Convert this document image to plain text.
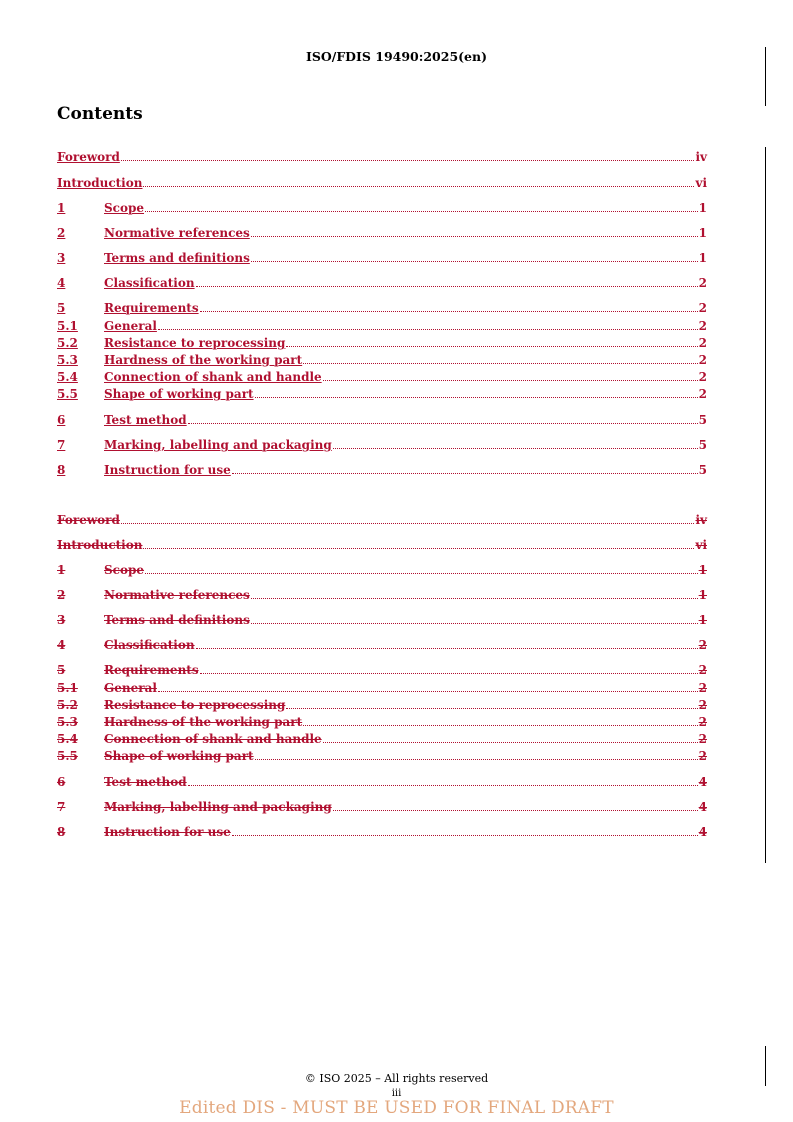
ISO/FDIS 19490:2025(en)
Contents
Foreword	iv
Introduction	vi
1	Scope	1
2	Normative references	1
3	Terms and definitions	1
4	Classification	2
5	Requirements	2
5.1	General	2
5.2	Resistance to reprocessing	2
5.3	Hardness of the working part	2
5.4	Connection of shank and handle	2
5.5	Shape of working part	2
6	Test method	5
7	Marking, labelling and packaging	5
8	Instruction for use	5
Foreword	iv
Introduction	vi
1	Scope	1
2	Normative references	1
3	Terms and definitions	1
4	Classification	2
5	Requirements	2
5.1	General	2
5.2	Resistance to reprocessing	2
5.3	Hardness of the working part	2
5.4	Connection of shank and handle	2
5.5	Shape of working part	2
6	Test method	4
7	Marking, labelling and packaging	4
8	Instruction for use	4
© ISO 2025 – All rights reserved
iii
Edited DIS - MUST BE USED FOR FINAL DRAFT
